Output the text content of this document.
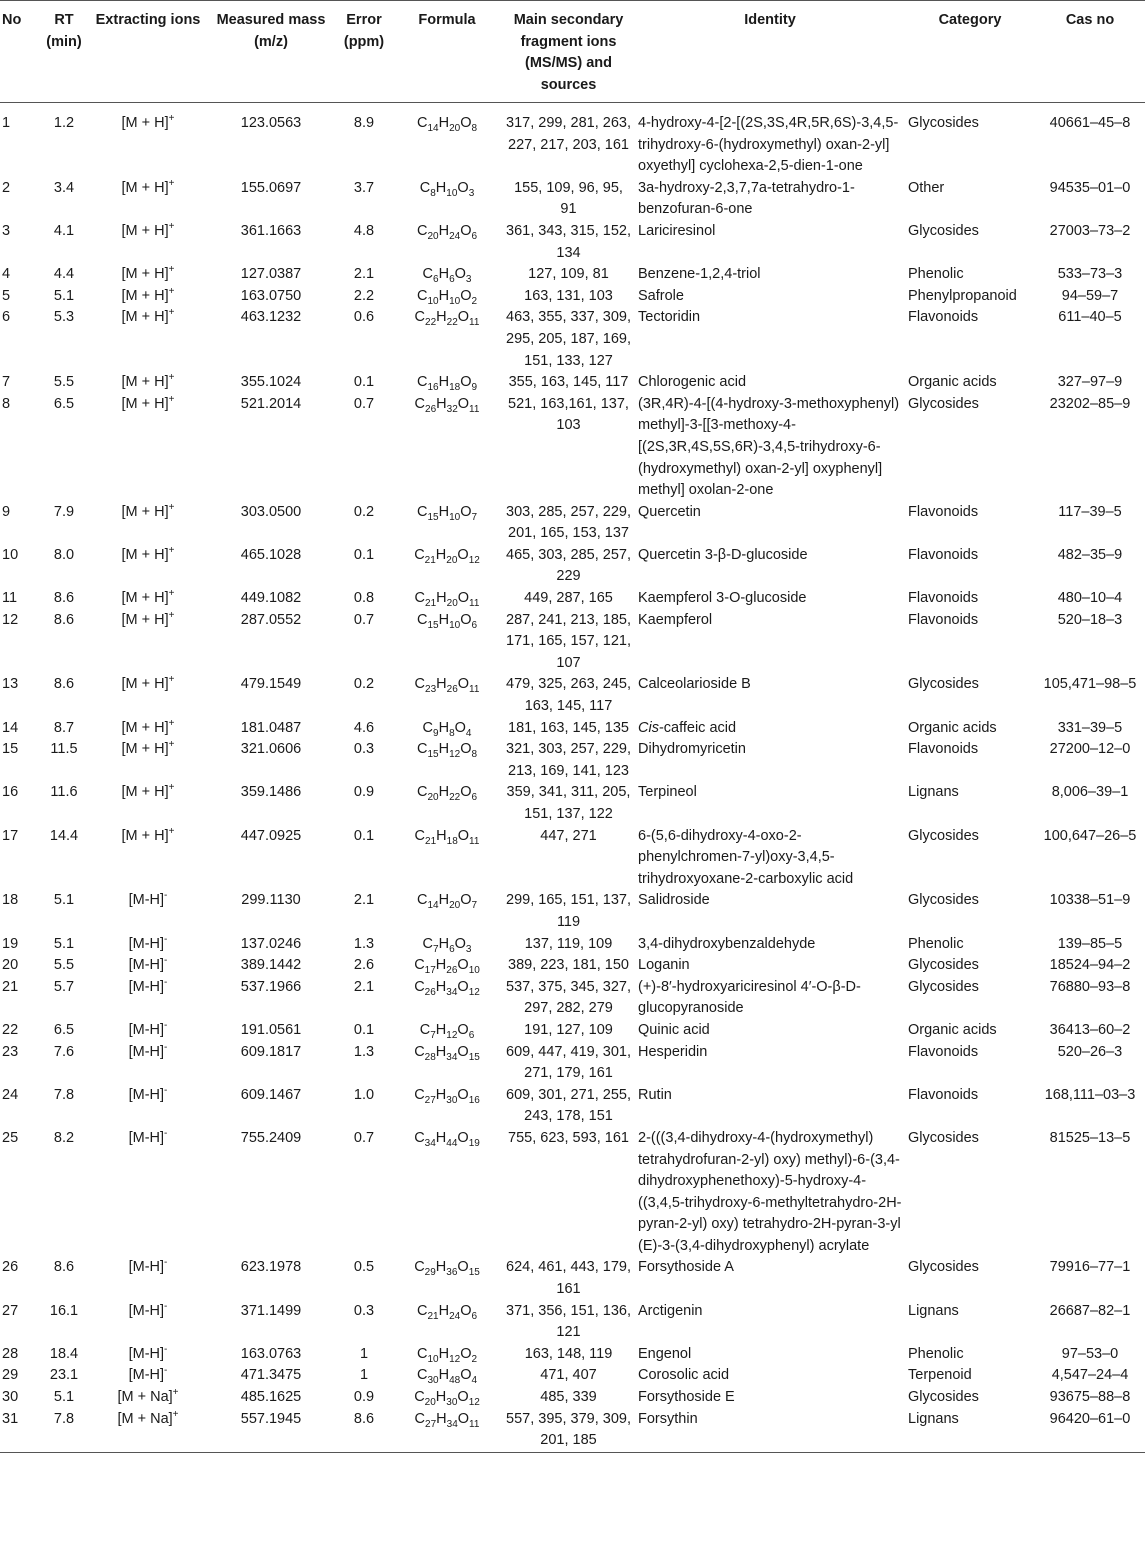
No	RT (min)	Extracting ions	Measured mass (m/z)	Error (ppm)	Formula	Main secondary fragment ions (MS/MS) and sources	Identity	Category	Cas no
1	1.2	[M + H]+	123.0563	8.9	$C_{14}H_{20}O_8$	317, 299, 281, 263, 227, 217, 203, 161	4-hydroxy-4-[2-[(2S,3S,4R,5R,6S)-3,4,5-trihydroxy-6-(hydroxymethyl) oxan-2-yl] oxyethyl] cyclohexa-2,5-dien-1-one	Glycosides	40661–45–8
2	3.4	[M + H]+	155.0697	3.7	$C_8H_{10}O_3$	155, 109, 96, 95, 91	3a-hydroxy-2,3,7,7a-tetrahydro-1-benzofuran-6-one	Other	94535–01–0
3	4.1	[M + H]+	361.1663	4.8	$C_{20}H_{24}O_6$	361, 343, 315, 152, 134	Lariciresinol	Glycosides	27003–73–2
4	4.4	[M + H]+	127.0387	2.1	$C_6H_6O_3$	127, 109, 81	Benzene-1,2,4-triol	Phenolic	533–73–3
5	5.1	[M + H]+	163.0750	2.2	$C_{10}H_{10}O_2$	163, 131, 103	Safrole	Phenylpropanoid	94–59–7
6	5.3	[M + H]+	463.1232	0.6	$C_{22}H_{22}O_{11}$	463, 355, 337, 309, 295, 205, 187, 169, 151, 133, 127	Tectoridin	Flavonoids	611–40–5
7	5.5	[M + H]+	355.1024	0.1	$C_{16}H_{18}O_9$	355, 163, 145, 117	Chlorogenic acid	Organic acids	327–97–9
8	6.5	[M + H]+	521.2014	0.7	$C_{26}H_{32}O_{11}$	521, 163,161, 137, 103	(3R,4R)-4-[(4-hydroxy-3-methoxyphenyl) methyl]-3-[[3-methoxy-4-[(2S,3R,4S,5S,6R)-3,4,5-trihydroxy-6-(hydroxymethyl) oxan-2-yl] oxyphenyl] methyl] oxolan-2-one	Glycosides	23202–85–9
9	7.9	[M + H]+	303.0500	0.2	$C_{15}H_{10}O_7$	303, 285, 257, 229, 201, 165, 153, 137	Quercetin	Flavonoids	117–39–5
10	8.0	[M + H]+	465.1028	0.1	$C_{21}H_{20}O_{12}$	465, 303, 285, 257, 229	Quercetin 3-β-D-glucoside	Flavonoids	482–35–9
11	8.6	[M + H]+	449.1082	0.8	$C_{21}H_{20}O_{11}$	449, 287, 165	Kaempferol 3-O-glucoside	Flavonoids	480–10–4
12	8.6	[M + H]+	287.0552	0.7	$C_{15}H_{10}O_6$	287, 241, 213, 185, 171, 165, 157, 121, 107	Kaempferol	Flavonoids	520–18–3
13	8.6	[M + H]+	479.1549	0.2	$C_{23}H_{26}O_{11}$	479, 325, 263, 245, 163, 145, 117	Calceolarioside B	Glycosides	105,471–98–5
14	8.7	[M + H]+	181.0487	4.6	$C_9H_8O_4$	181, 163, 145, 135	Cis-caffeic acid	Organic acids	331–39–5
15	11.5	[M + H]+	321.0606	0.3	$C_{15}H_{12}O_8$	321, 303, 257, 229, 213, 169, 141, 123	Dihydromyricetin	Flavonoids	27200–12–0
16	11.6	[M + H]+	359.1486	0.9	$C_{20}H_{22}O_6$	359, 341, 311, 205, 151, 137, 122	Terpineol	Lignans	8,006–39–1
17	14.4	[M + H]+	447.0925	0.1	$C_{21}H_{18}O_{11}$	447, 271	6-(5,6-dihydroxy-4-oxo-2-phenylchromen-7-yl)oxy-3,4,5-trihydroxyoxane-2-carboxylic acid	Glycosides	100,647–26–5
18	5.1	[M-H]-	299.1130	2.1	$C_{14}H_{20}O_7$	299, 165, 151, 137, 119	Salidroside	Glycosides	10338–51–9
19	5.1	[M-H]-	137.0246	1.3	$C_7H_6O_3$	137, 119, 109	3,4-dihydroxybenzaldehyde	Phenolic	139–85–5
20	5.5	[M-H]-	389.1442	2.6	$C_{17}H_{26}O_{10}$	389, 223, 181, 150	Loganin	Glycosides	18524–94–2
21	5.7	[M-H]-	537.1966	2.1	$C_{26}H_{34}O_{12}$	537, 375, 345, 327, 297, 282, 279	(+)-8′-hydroxyariciresinol 4′-O-β-D-glucopyranoside	Glycosides	76880–93–8
22	6.5	[M-H]-	191.0561	0.1	$C_7H_{12}O_6$	191, 127, 109	Quinic acid	Organic acids	36413–60–2
23	7.6	[M-H]-	609.1817	1.3	$C_{28}H_{34}O_{15}$	609, 447, 419, 301, 271, 179, 161	Hesperidin	Flavonoids	520–26–3
24	7.8	[M-H]-	609.1467	1.0	$C_{27}H_{30}O_{16}$	609, 301, 271, 255, 243, 178, 151	Rutin	Flavonoids	168,111–03–3
25	8.2	[M-H]-	755.2409	0.7	$C_{34}H_{44}O_{19}$	755, 623, 593, 161	2-(((3,4-dihydroxy-4-(hydroxymethyl) tetrahydrofuran-2-yl) oxy) methyl)-6-(3,4-dihydroxyphenethoxy)-5-hydroxy-4-((3,4,5-trihydroxy-6-methyltetrahydro-2H-pyran-2-yl) oxy) tetrahydro-2H-pyran-3-yl (E)-3-(3,4-dihydroxyphenyl) acrylate	Glycosides	81525–13–5
26	8.6	[M-H]-	623.1978	0.5	$C_{29}H_{36}O_{15}$	624, 461, 443, 179, 161	Forsythoside A	Glycosides	79916–77–1
27	16.1	[M-H]-	371.1499	0.3	$C_{21}H_{24}O_6$	371, 356, 151, 136, 121	Arctigenin	Lignans	26687–82–1
28	18.4	[M-H]-	163.0763	1	$C_{10}H_{12}O_2$	163, 148, 119	Engenol	Phenolic	97–53–0
29	23.1	[M-H]-	471.3475	1	$C_{30}H_{48}O_4$	471, 407	Corosolic acid	Terpenoid	4,547–24–4
30	5.1	[M + Na]+	485.1625	0.9	$C_{20}H_{30}O_{12}$	485, 339	Forsythoside E	Glycosides	93675–88–8
31	7.8	[M + Na]+	557.1945	8.6	$C_{27}H_{34}O_{11}$	557, 395, 379, 309, 201, 185	Forsythin	Lignans	96420–61–0
